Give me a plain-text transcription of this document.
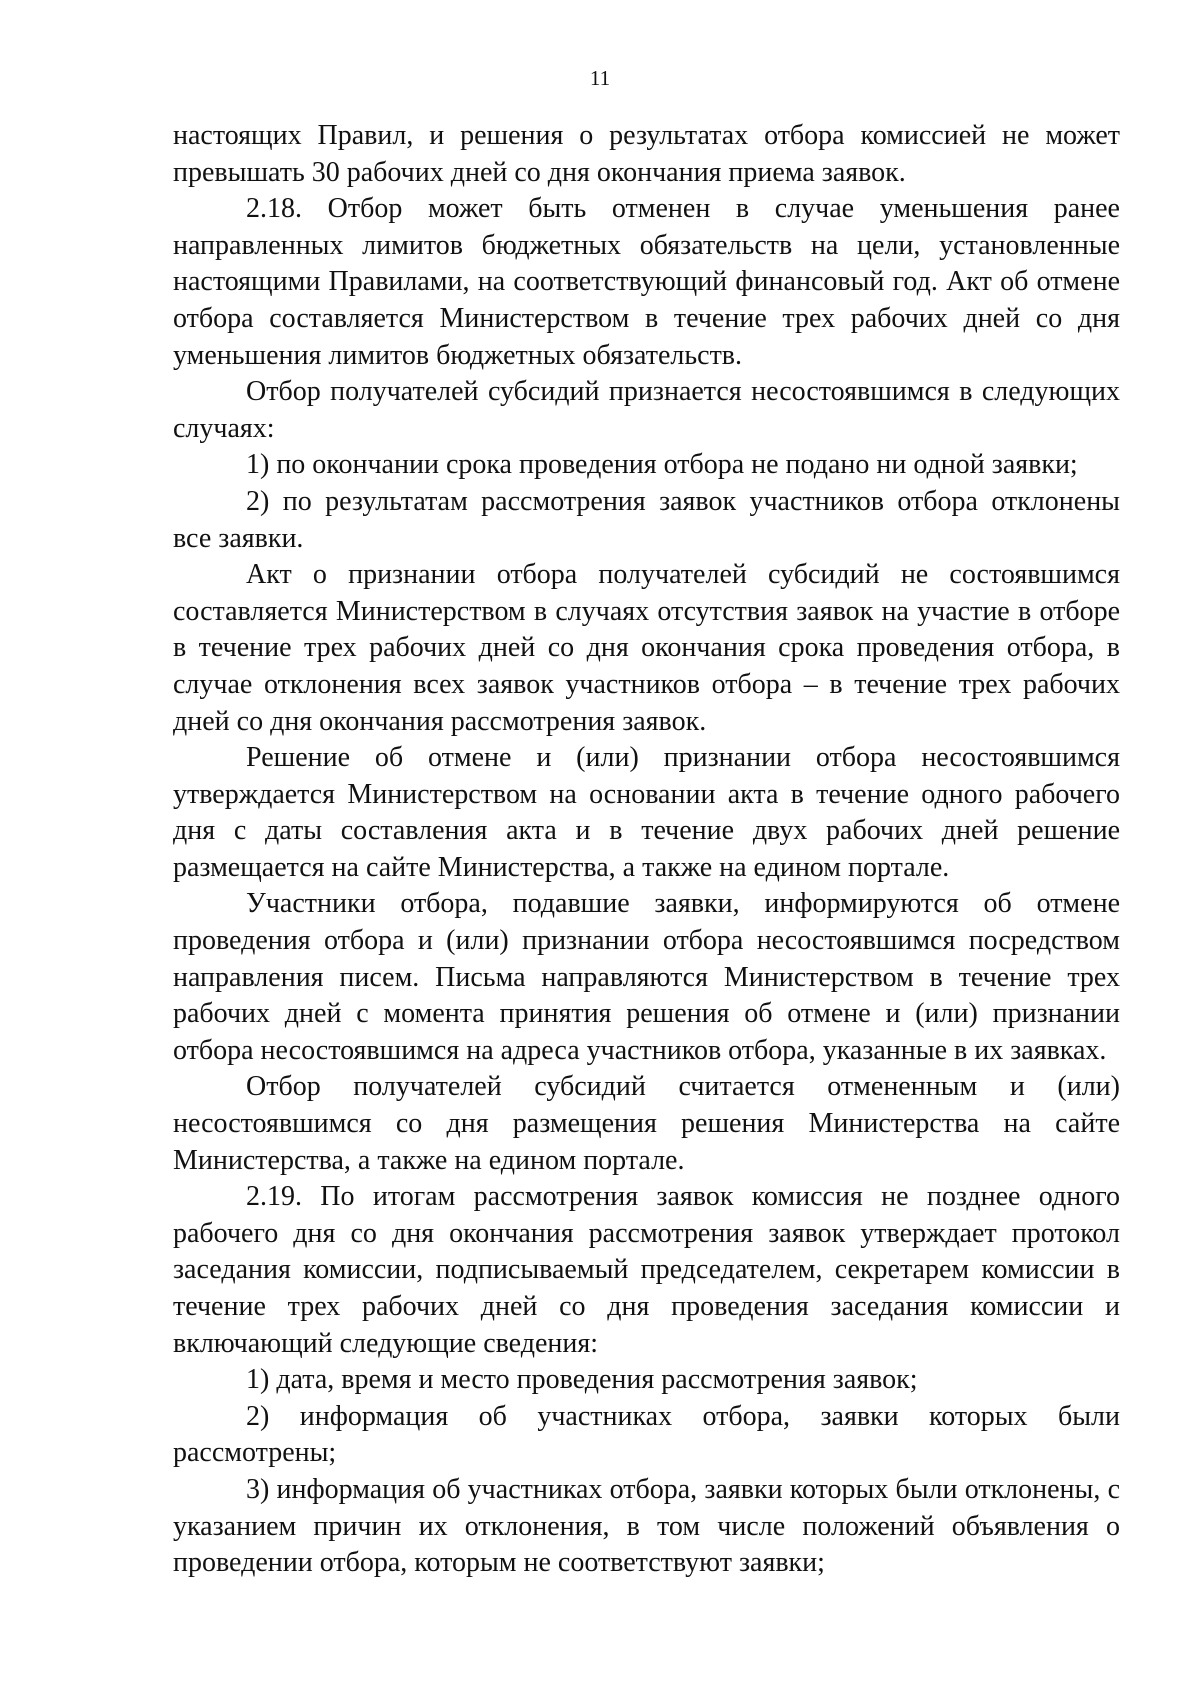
11

настоящих Правил, и решения о результатах отбора комиссией не может превышать 30 рабочих дней со дня окончания приема заявок.

2.18. Отбор может быть отменен в случае уменьшения ранее направленных лимитов бюджетных обязательств на цели, установленные настоящими Правилами, на соответствующий финансовый год. Акт об отмене отбора составляется Министерством в течение трех рабочих дней со дня уменьшения лимитов бюджетных обязательств.

Отбор получателей субсидий признается несостоявшимся в следующих случаях:

1) по окончании срока проведения отбора не подано ни одной заявки;

2) по результатам рассмотрения заявок участников отбора отклонены все заявки.

Акт о признании отбора получателей субсидий не состоявшимся составляется Министерством в случаях отсутствия заявок на участие в отборе в течение трех рабочих дней со дня окончания срока проведения отбора, в случае отклонения всех заявок участников отбора – в течение трех рабочих дней со дня окончания рассмотрения заявок.

Решение об отмене и (или) признании отбора несостоявшимся утверждается Министерством на основании акта в течение одного рабочего дня с даты составления акта и в течение двух рабочих дней решение размещается на сайте Министерства, а также на едином портале.

Участники отбора, подавшие заявки, информируются об отмене проведения отбора и (или) признании отбора несостоявшимся посредством направления писем. Письма направляются Министерством в течение трех рабочих дней с момента принятия решения об отмене и (или) признании отбора несостоявшимся на адреса участников отбора, указанные в их заявках.

Отбор получателей субсидий считается отмененным и (или) несостоявшимся со дня размещения решения Министерства на сайте Министерства, а также на едином портале.

2.19. По итогам рассмотрения заявок комиссия не позднее одного рабочего дня со дня окончания рассмотрения заявок утверждает протокол заседания комиссии, подписываемый председателем, секретарем комиссии в течение трех рабочих дней со дня проведения заседания комиссии и включающий следующие сведения:

1) дата, время и место проведения рассмотрения заявок;

2) информация об участниках отбора, заявки которых были рассмотрены;

3) информация об участниках отбора, заявки которых были отклонены, с указанием причин их отклонения, в том числе положений объявления о проведении отбора, которым не соответствуют заявки;
